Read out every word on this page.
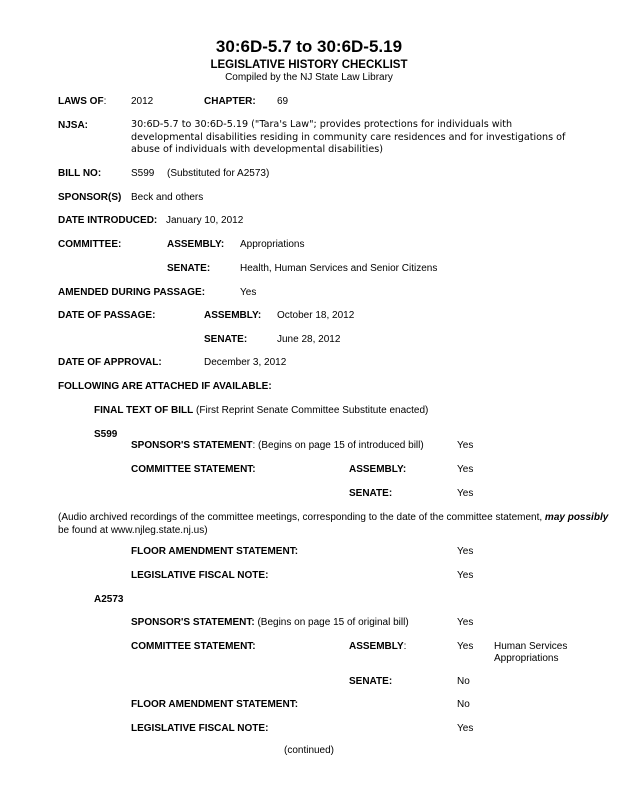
30:6D-5.7 to 30:6D-5.19
LEGISLATIVE HISTORY CHECKLIST
Compiled by the NJ State Law Library
LAWS OF: 2012	CHAPTER: 69
NJSA:	30:6D-5.7 to 30:6D-5.19 ("Tara's Law"; provides protections for individuals with developmental disabilities residing in community care residences and for investigations of abuse of individuals with developmental disabilities)
BILL NO:	S599 (Substituted for A2573)
SPONSOR(S) Beck and others
DATE INTRODUCED: January 10, 2012
COMMITTEE:	ASSEMBLY: Appropriations
SENATE:	Health, Human Services and Senior Citizens
AMENDED DURING PASSAGE:	Yes
DATE OF PASSAGE:	ASSEMBLY: October 18, 2012
SENATE:	June 28, 2012
DATE OF APPROVAL:	December 3, 2012
FOLLOWING ARE ATTACHED IF AVAILABLE:
FINAL TEXT OF BILL (First Reprint Senate Committee Substitute enacted)
S599
SPONSOR'S STATEMENT: (Begins on page 15 of introduced bill)	Yes
COMMITTEE STATEMENT:	ASSEMBLY:	Yes
SENATE:	Yes
(Audio archived recordings of the committee meetings, corresponding to the date of the committee statement, may possibly be found at www.njleg.state.nj.us)
FLOOR AMENDMENT STATEMENT:	Yes
LEGISLATIVE FISCAL NOTE:	Yes
A2573
SPONSOR'S STATEMENT: (Begins on page 15 of original bill)	Yes
COMMITTEE STATEMENT:	ASSEMBLY:	Yes Human Services
Appropriations
SENATE:	No
FLOOR AMENDMENT STATEMENT:	No
LEGISLATIVE FISCAL NOTE:	Yes
(continued)
